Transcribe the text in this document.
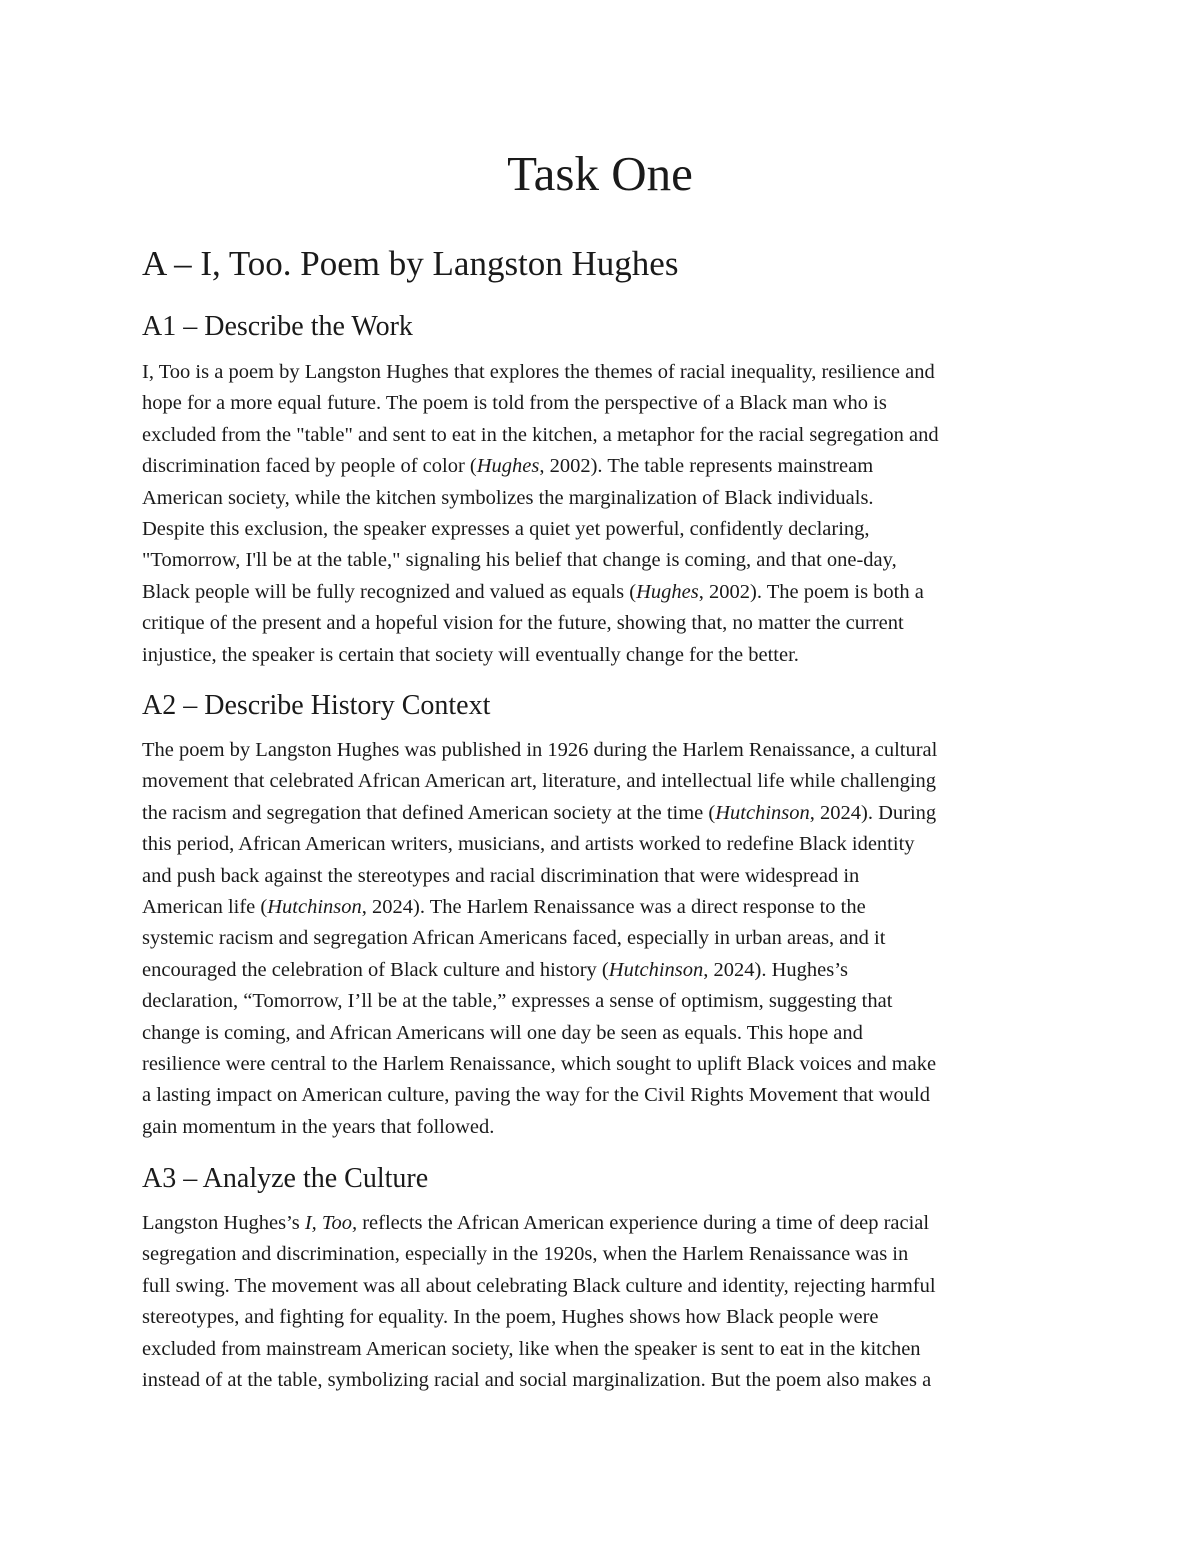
Task One
A – I, Too. Poem by Langston Hughes
A1 – Describe the Work
I, Too is a poem by Langston Hughes that explores the themes of racial inequality, resilience and
hope for a more equal future. The poem is told from the perspective of a Black man who is
excluded from the "table" and sent to eat in the kitchen, a metaphor for the racial segregation and
discrimination faced by people of color (Hughes, 2002). The table represents mainstream
American society, while the kitchen symbolizes the marginalization of Black individuals.
Despite this exclusion, the speaker expresses a quiet yet powerful, confidently declaring,
"Tomorrow, I'll be at the table," signaling his belief that change is coming, and that one-day,
Black people will be fully recognized and valued as equals (Hughes, 2002). The poem is both a
critique of the present and a hopeful vision for the future, showing that, no matter the current
injustice, the speaker is certain that society will eventually change for the better.
A2 – Describe History Context
The poem by Langston Hughes was published in 1926 during the Harlem Renaissance, a cultural
movement that celebrated African American art, literature, and intellectual life while challenging
the racism and segregation that defined American society at the time (Hutchinson, 2024). During
this period, African American writers, musicians, and artists worked to redefine Black identity
and push back against the stereotypes and racial discrimination that were widespread in
American life (Hutchinson, 2024). The Harlem Renaissance was a direct response to the
systemic racism and segregation African Americans faced, especially in urban areas, and it
encouraged the celebration of Black culture and history (Hutchinson, 2024). Hughes’s
declaration, “Tomorrow, I’ll be at the table,” expresses a sense of optimism, suggesting that
change is coming, and African Americans will one day be seen as equals. This hope and
resilience were central to the Harlem Renaissance, which sought to uplift Black voices and make
a lasting impact on American culture, paving the way for the Civil Rights Movement that would
gain momentum in the years that followed.
A3 – Analyze the Culture
Langston Hughes’s I, Too, reflects the African American experience during a time of deep racial
segregation and discrimination, especially in the 1920s, when the Harlem Renaissance was in
full swing. The movement was all about celebrating Black culture and identity, rejecting harmful
stereotypes, and fighting for equality. In the poem, Hughes shows how Black people were
excluded from mainstream American society, like when the speaker is sent to eat in the kitchen
instead of at the table, symbolizing racial and social marginalization. But the poem also makes a
